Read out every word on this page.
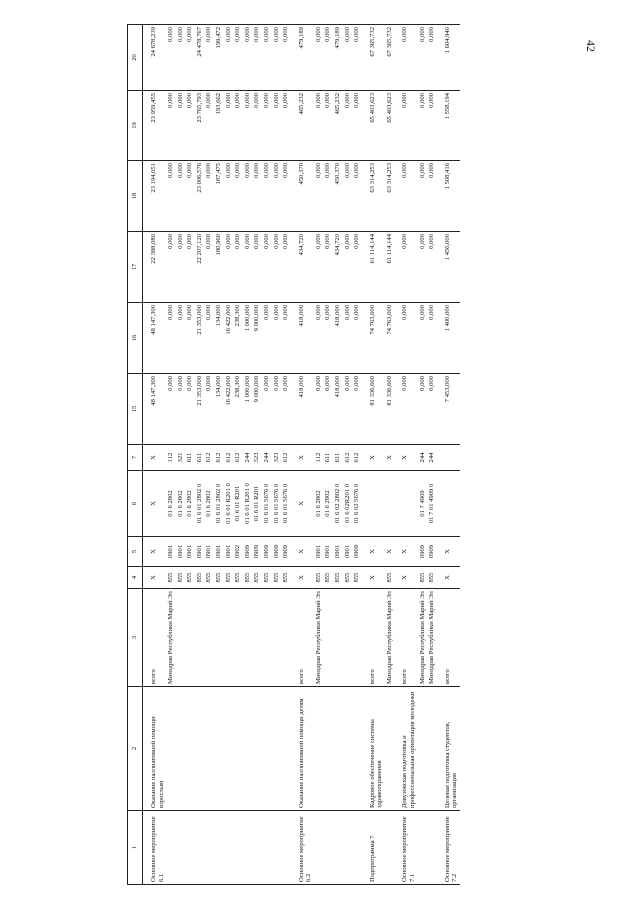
42
1	2	3	4	5	6	7	15	16	17	18	19	20
Основное мероприятие 6.1	Оказание паллиативной помощи взрослым	всего	Х	Х	Х	Х	48 147,300	48 147,300	22 388,080	23 194,051	23 959,455	24 678,239
		Минздрав Республики Марий Эл	855	0901	01 6 2802	112	0,000	0,000	0,000	0,000	0,000	0,000
			855	0901	01 6 2802	321	0,000	0,000	0,000	0,000	0,000	0,000
			855	0901	01 6 2802	611	0,000	0,000	0,000	0,000	0,000	0,000
			855	0901	01 6 01 2802 0	611	21 353,000	21 353,000	22 207,120	23 006,576	23 765,793	24 478,767
			855	0901	01 6 2802	612	0,000	0,000	0,000	0,000	0,000	0,000
			855	0901	01 6 01 2802 0	612	134,000	134,000	180,960	187,475	193,662	199,472
			855	0901	01 6 01 R201 0	612	16 422,000	16 422,000	0,000	0,000	0,000	0,000
			855	0902	01 6 01 R201	612	238,300	238,300	0,000	0,000	0,000	0,000
			855	0909	01 6 01 R201 0	244	1 000,000	1 000,000	0,000	0,000	0,000	0,000
			855	0909	01 6 01 R201	323	9 000,000	9 000,000	0,000	0,000	0,000	0,000
			855	0909	01 6 01 5676 0	244	0,000	0,000	0,000	0,000	0,000	0,000
			855	0909	01 6 01 5676 0	323	0,000	0,000	0,000	0,000	0,000	0,000
			855	0909	01 6 01 5676 0	612	0,000	0,000	0,000	0,000	0,000	0,000
Основное мероприятие 6.2	Оказание паллиативной помощи детям	всего	Х	Х	Х	Х	418,000	418,000	434,720	450,370	465,232	479,189
		Минздрав Республики Марий Эл	855	0901	01 6 2802	112	0,000	0,000	0,000	0,000	0,000	0,000
			855	0901	01 6 2802	611	0,000	0,000	0,000	0,000	0,000	0,000
			855	0901	01 6 02 2802 0	611	418,000	418,000	434,720	450,370	465,232	479,189
			855	0901	01 6 02R201 0	612	0,000	0,000	0,000	0,000	0,000	0,000
			855	0909	01 6 02 5676 0	612	0,000	0,000	0,000	0,000	0,000	0,000
Подпрограмма 7	Кадровое обеспечение системы здравоохранения	всего	Х	Х		Х	81 336,600	74 763,600	61 114,144	63 314,253	65 403,623	67 365,732
		Минздрав Республики Марий Эл	855	Х		Х	81 336,600	74 763,600	61 114,144	63 314,253	65 403,623	67 365,732
Основное мероприятие 7.1	Довузовская подготовка и профессиональная ориентация молодежи	всего	Х	Х		Х	0,000	0,000	0,000	0,000	0,000	0,000
		Минздрав Республики Марий Эл	855	0909	01 7 4909	244	0,000	0,000	0,000	0,000	0,000	0,000
		Минздрав Республики Марий Эл	855	0909	01 7 01 4909 0	244	0,000	0,000	0,000	0,000	0,000	0,000
Основное мероприятие 7.2	Целевая подготовка студентов, организация	всего	Х	Х			7 453,000	1 400,000	1 456,000	1 508,416	1 558,194	1 604,940
